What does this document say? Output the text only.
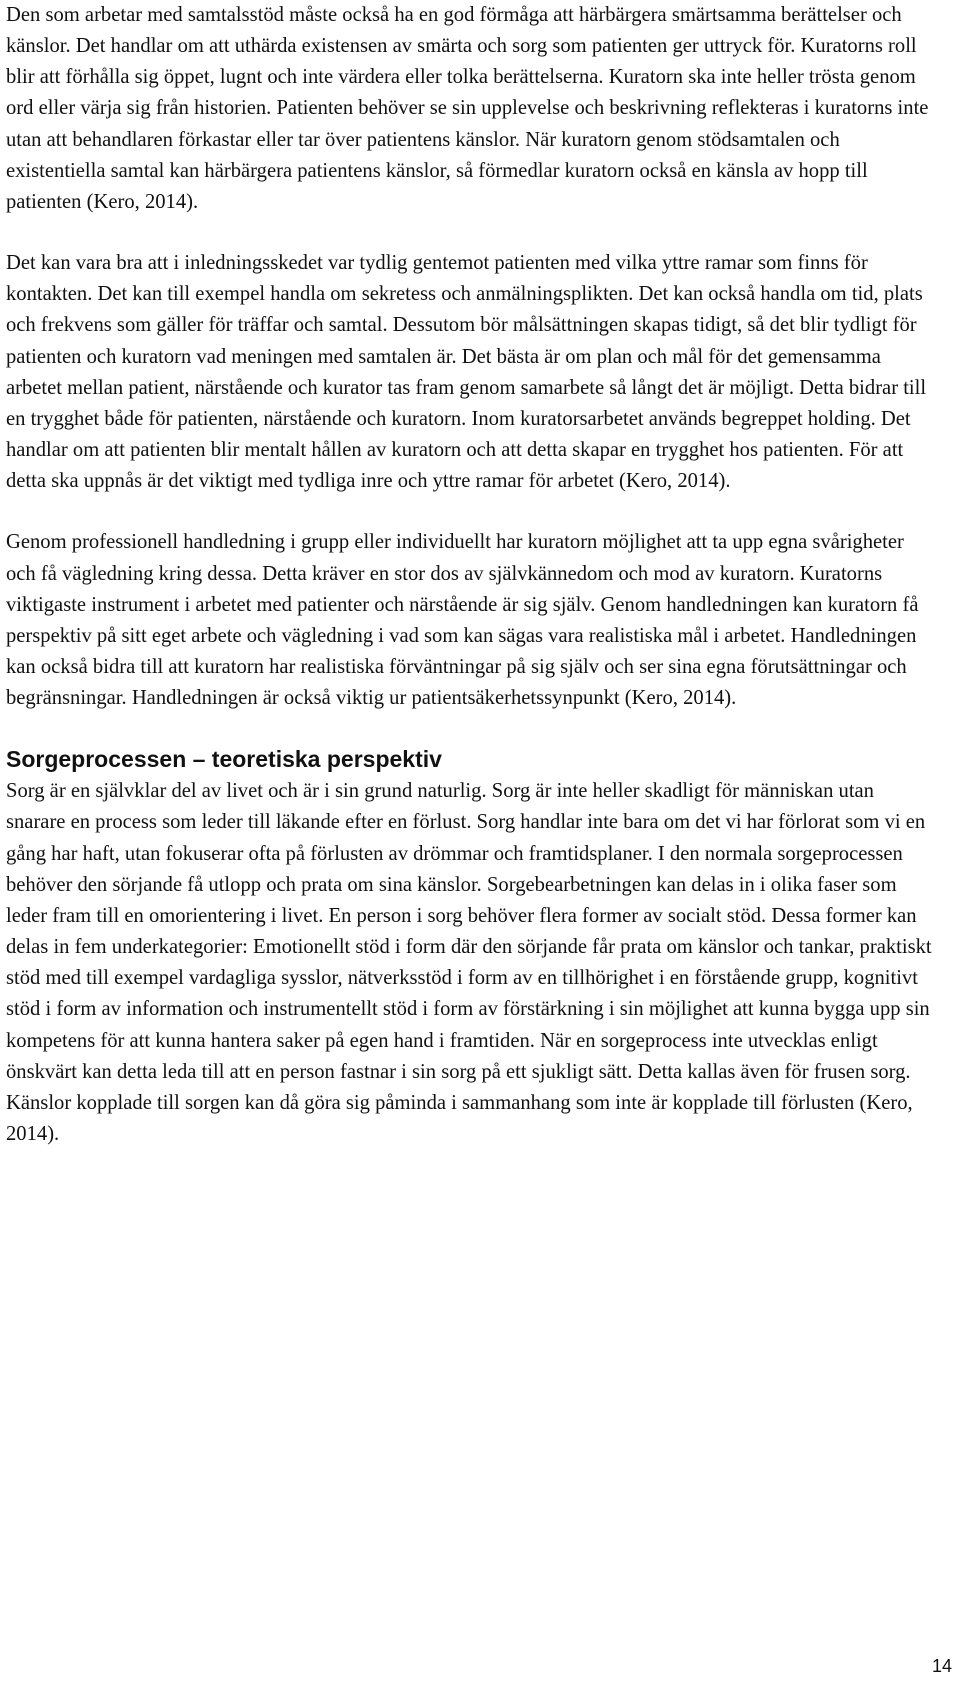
Den som arbetar med samtalsstöd måste också ha en god förmåga att härbärgera smärtsamma berättelser och känslor. Det handlar om att uthärda existensen av smärta och sorg som patienten ger uttryck för. Kuratorns roll blir att förhålla sig öppet, lugnt och inte värdera eller tolka berättelserna. Kuratorn ska inte heller trösta genom ord eller värja sig från historien. Patienten behöver se sin upplevelse och beskrivning reflekteras i kuratorns inte utan att behandlaren förkastar eller tar över patientens känslor. När kuratorn genom stödsamtalen och existentiella samtal kan härbärgera patientens känslor, så förmedlar kuratorn också en känsla av hopp till patienten (Kero, 2014).

Det kan vara bra att i inledningsskedet var tydlig gentemot patienten med vilka yttre ramar som finns för kontakten. Det kan till exempel handla om sekretess och anmälningsplikten. Det kan också handla om tid, plats och frekvens som gäller för träffar och samtal. Dessutom bör målsättningen skapas tidigt, så det blir tydligt för patienten och kuratorn vad meningen med samtalen är. Det bästa är om plan och mål för det gemensamma arbetet mellan patient, närstående och kurator tas fram genom samarbete så långt det är möjligt. Detta bidrar till en trygghet både för patienten, närstående och kuratorn. Inom kuratorsarbetet används begreppet holding. Det handlar om att patienten blir mentalt hållen av kuratorn och att detta skapar en trygghet hos patienten. För att detta ska uppnås är det viktigt med tydliga inre och yttre ramar för arbetet (Kero, 2014).

Genom professionell handledning i grupp eller individuellt har kuratorn möjlighet att ta upp egna svårigheter och få vägledning kring dessa. Detta kräver en stor dos av självkännedom och mod av kuratorn. Kuratorns viktigaste instrument i arbetet med patienter och närstående är sig själv. Genom handledningen kan kuratorn få perspektiv på sitt eget arbete och vägledning i vad som kan sägas vara realistiska mål i arbetet. Handledningen kan också bidra till att kuratorn har realistiska förväntningar på sig själv och ser sina egna förutsättningar och begränsningar. Handledningen är också viktig ur patientsäkerhetssynpunkt (Kero, 2014).

Sorgeprocessen – teoretiska perspektiv

Sorg är en självklar del av livet och är i sin grund naturlig. Sorg är inte heller skadligt för människan utan snarare en process som leder till läkande efter en förlust. Sorg handlar inte bara om det vi har förlorat som vi en gång har haft, utan fokuserar ofta på förlusten av drömmar och framtidsplaner. I den normala sorgeprocessen behöver den sörjande få utlopp och prata om sina känslor. Sorgebearbetningen kan delas in i olika faser som leder fram till en omorientering i livet. En person i sorg behöver flera former av socialt stöd. Dessa former kan delas in fem underkategorier: Emotionellt stöd i form där den sörjande får prata om känslor och tankar, praktiskt stöd med till exempel vardagliga sysslor, nätverksstöd i form av en tillhörighet i en förstående grupp, kognitivt stöd i form av information och instrumentellt stöd i form av förstärkning i sin möjlighet att kunna bygga upp sin kompetens för att kunna hantera saker på egen hand i framtiden. När en sorgeprocess inte utvecklas enligt önskvärt kan detta leda till att en person fastnar i sin sorg på ett sjukligt sätt. Detta kallas även för frusen sorg. Känslor kopplade till sorgen kan då göra sig påminda i sammanhang som inte är kopplade till förlusten (Kero, 2014).

14
